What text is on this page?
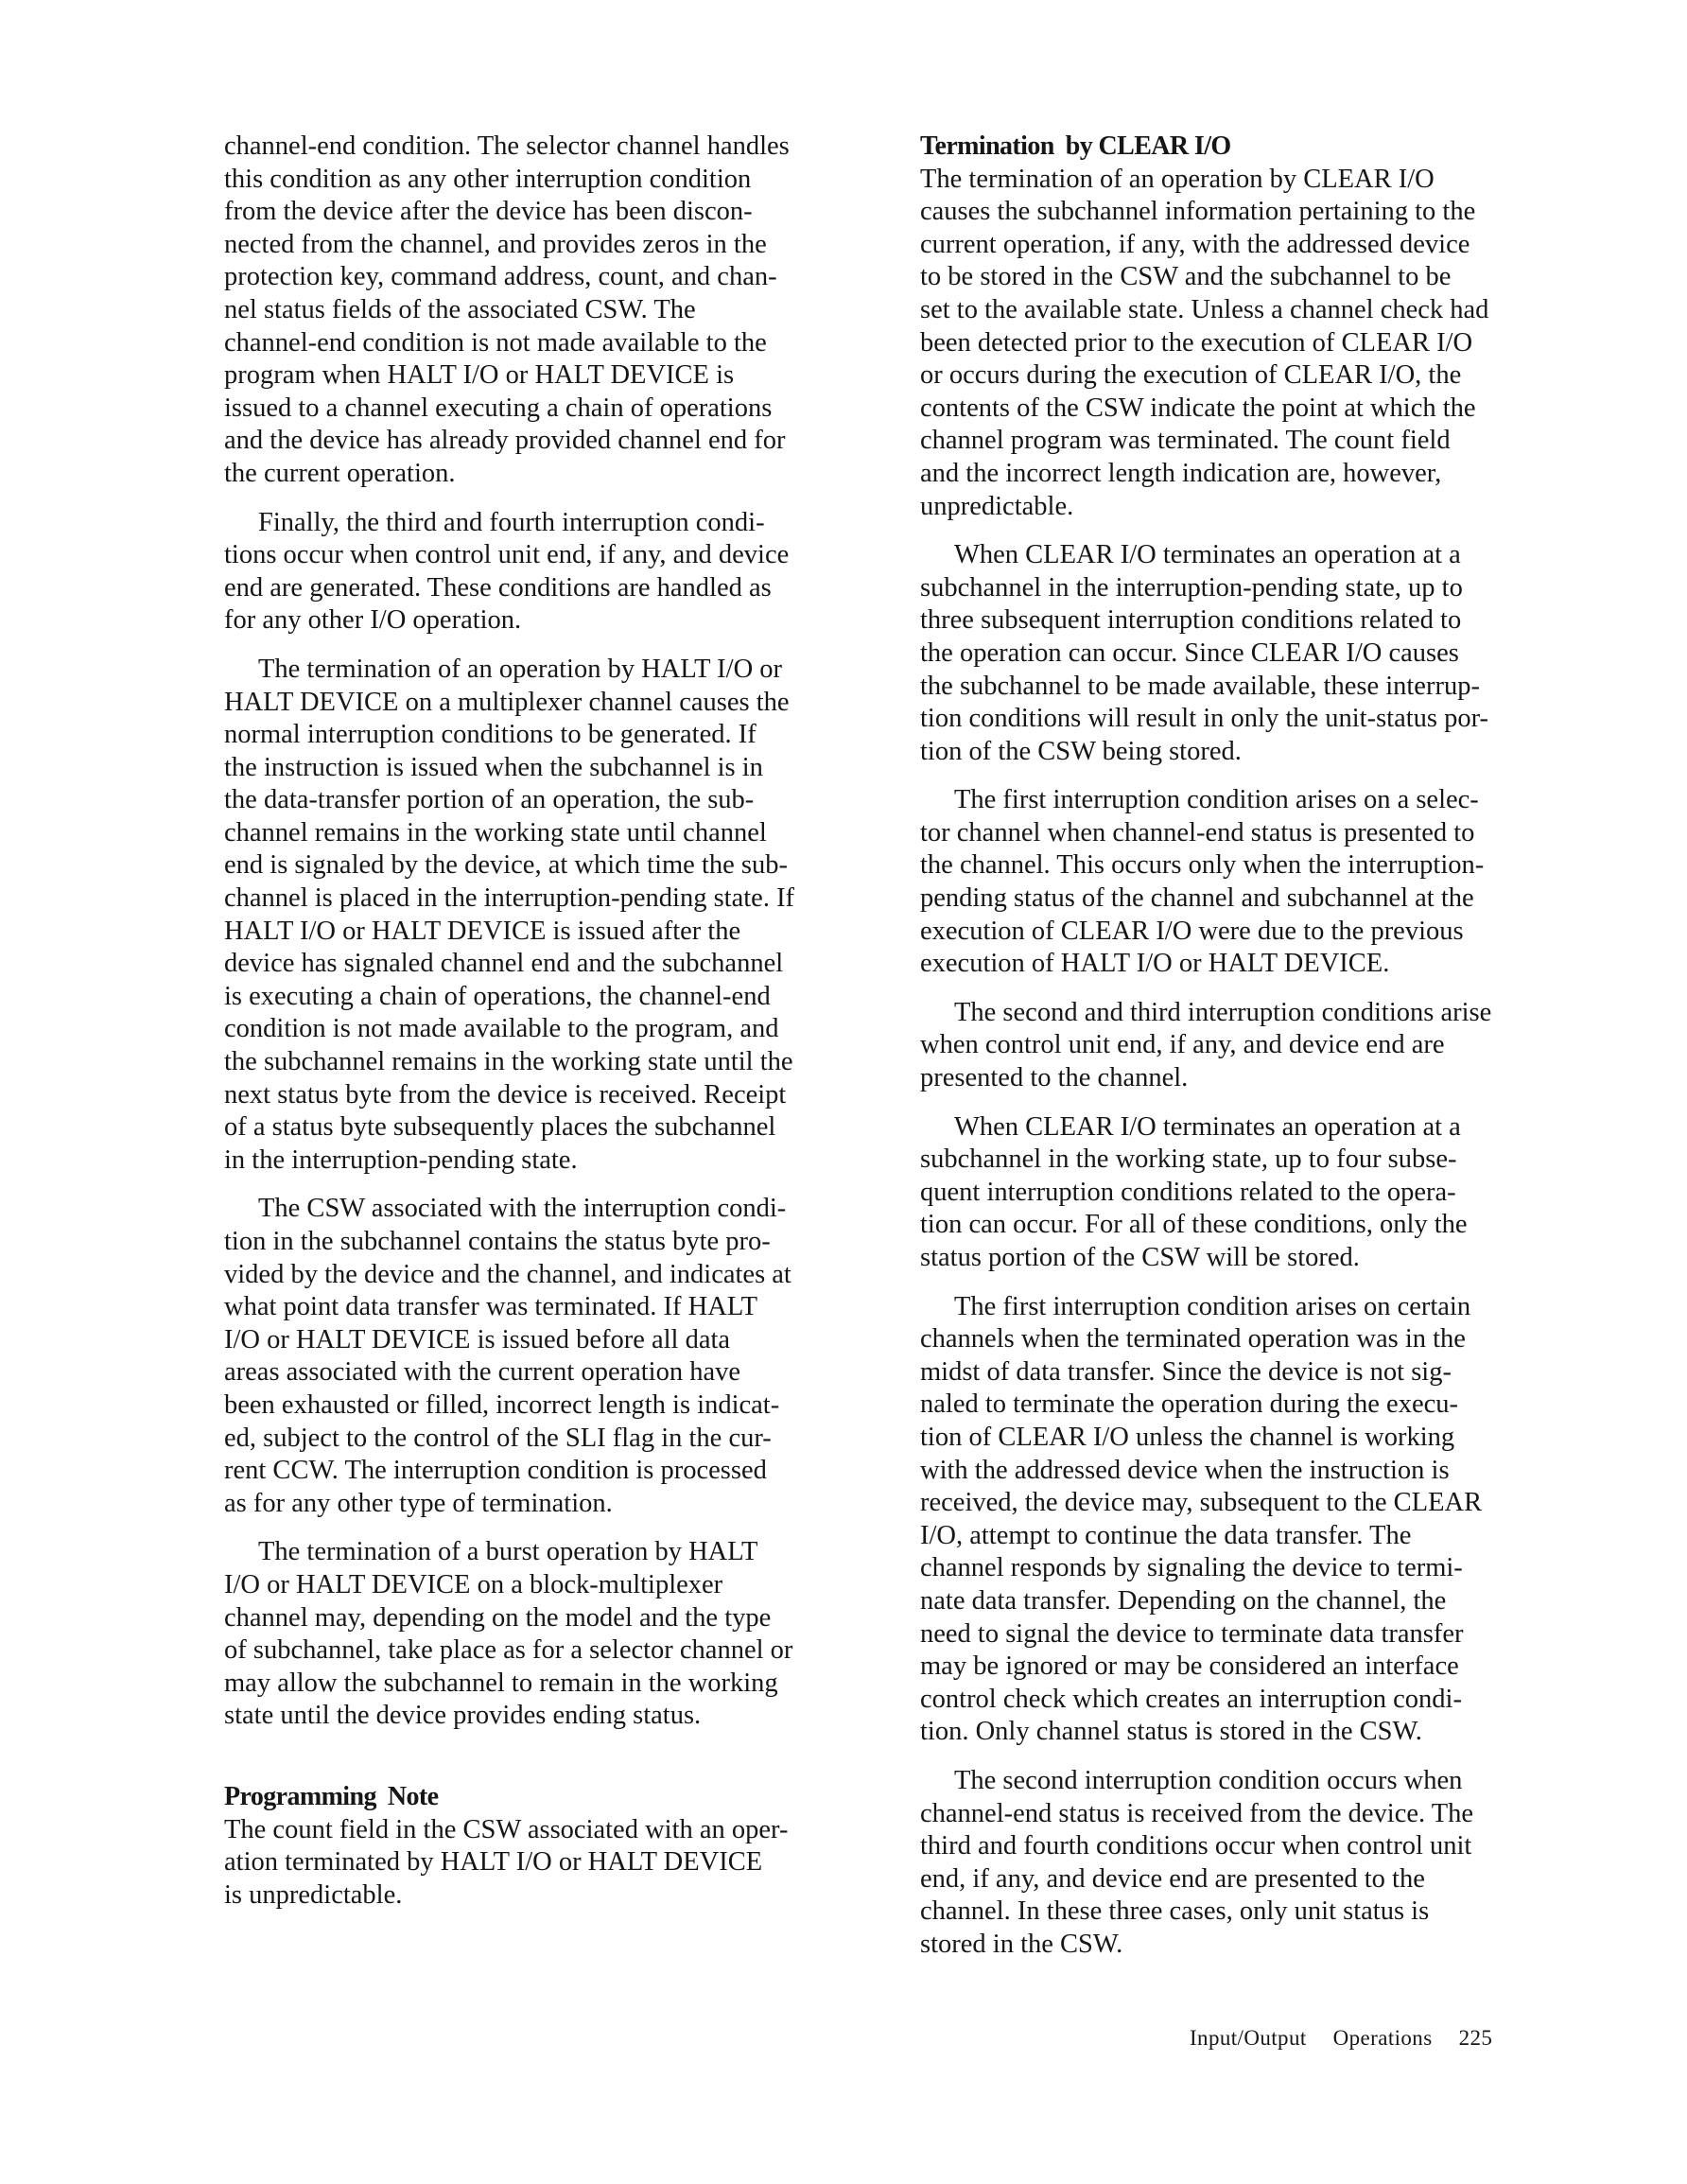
channel-end condition. The selector channel handles
this condition as any other interruption condition
from the device after the device has been discon-
nected from the channel, and provides zeros in the
protection key, command address, count, and chan-
nel status fields of the associated CSW. The
channel-end condition is not made available to the
program when HALT I/O or HALT DEVICE is
issued to a channel executing a chain of operations
and the device has already provided channel end for
the current operation.
Finally, the third and fourth interruption condi-
tions occur when control unit end, if any, and device
end are generated. These conditions are handled as
for any other I/O operation.
The termination of an operation by HALT I/O or
HALT DEVICE on a multiplexer channel causes the
normal interruption conditions to be generated. If
the instruction is issued when the subchannel is in
the data-transfer portion of an operation, the sub-
channel remains in the working state until channel
end is signaled by the device, at which time the sub-
channel is placed in the interruption-pending state. If
HALT I/O or HALT DEVICE is issued after the
device has signaled channel end and the subchannel
is executing a chain of operations, the channel-end
condition is not made available to the program, and
the subchannel remains in the working state until the
next status byte from the device is received. Receipt
of a status byte subsequently places the subchannel
in the interruption-pending state.
The CSW associated with the interruption condi-
tion in the subchannel contains the status byte pro-
vided by the device and the channel, and indicates at
what point data transfer was terminated. If HALT
I/O or HALT DEVICE is issued before all data
areas associated with the current operation have
been exhausted or filled, incorrect length is indicat-
ed, subject to the control of the SLI flag in the cur-
rent CCW. The interruption condition is processed
as for any other type of termination.
The termination of a burst operation by HALT
I/O or HALT DEVICE on a block-multiplexer
channel may, depending on the model and the type
of subchannel, take place as for a selector channel or
may allow the subchannel to remain in the working
state until the device provides ending status.
Programming Note
The count field in the CSW associated with an oper-
ation terminated by HALT I/O or HALT DEVICE
is unpredictable.
Termination by CLEAR I/O
The termination of an operation by CLEAR I/O
causes the subchannel information pertaining to the
current operation, if any, with the addressed device
to be stored in the CSW and the subchannel to be
set to the available state. Unless a channel check had
been detected prior to the execution of CLEAR I/O
or occurs during the execution of CLEAR I/O, the
contents of the CSW indicate the point at which the
channel program was terminated. The count field
and the incorrect length indication are, however,
unpredictable.
When CLEAR I/O terminates an operation at a
subchannel in the interruption-pending state, up to
three subsequent interruption conditions related to
the operation can occur. Since CLEAR I/O causes
the subchannel to be made available, these interrup-
tion conditions will result in only the unit-status por-
tion of the CSW being stored.
The first interruption condition arises on a selec-
tor channel when channel-end status is presented to
the channel. This occurs only when the interruption-
pending status of the channel and subchannel at the
execution of CLEAR I/O were due to the previous
execution of HALT I/O or HALT DEVICE.
The second and third interruption conditions arise
when control unit end, if any, and device end are
presented to the channel.
When CLEAR I/O terminates an operation at a
subchannel in the working state, up to four subse-
quent interruption conditions related to the opera-
tion can occur. For all of these conditions, only the
status portion of the CSW will be stored.
The first interruption condition arises on certain
channels when the terminated operation was in the
midst of data transfer. Since the device is not sig-
naled to terminate the operation during the execu-
tion of CLEAR I/O unless the channel is working
with the addressed device when the instruction is
received, the device may, subsequent to the CLEAR
I/O, attempt to continue the data transfer. The
channel responds by signaling the device to termi-
nate data transfer. Depending on the channel, the
need to signal the device to terminate data transfer
may be ignored or may be considered an interface
control check which creates an interruption condi-
tion. Only channel status is stored in the CSW.
The second interruption condition occurs when
channel-end status is received from the device. The
third and fourth conditions occur when control unit
end, if any, and device end are presented to the
channel. In these three cases, only unit status is
stored in the CSW.
Input/Output Operations 225
